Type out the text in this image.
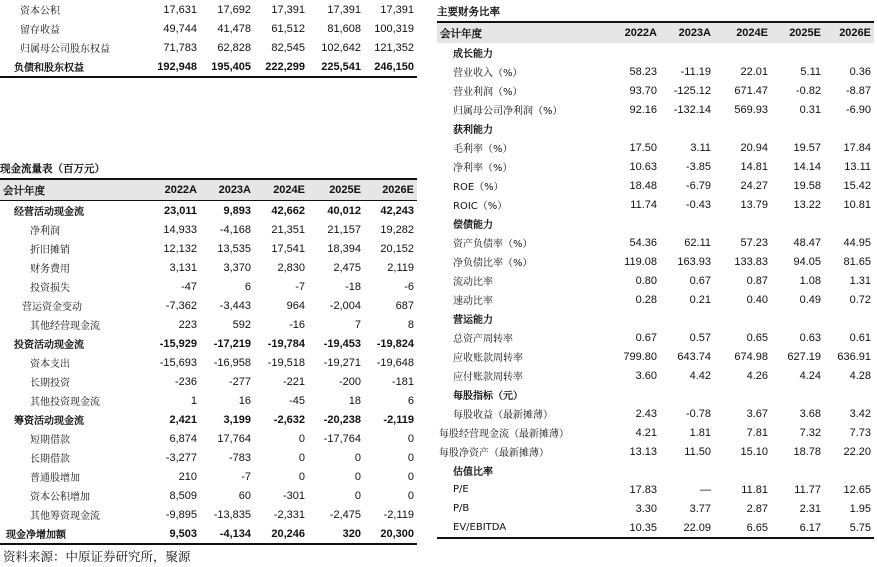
资本公积	17,631	17,692	17,391	17,391	17,391
留存收益	49,744	41,478	61,512	81,608	100,319
归属母公司股东权益	71,783	62,828	82,545	102,642	121,352
负债和股东权益	192,948	195,405	222,299	225,541	246,150
现金流量表（百万元）
会计年度	2022A	2023A	2024E	2025E	2026E
经营活动现金流	23,011	9,893	42,662	40,012	42,243
净利润	14,933	-4,168	21,351	21,157	19,282
折旧摊销	12,132	13,535	17,541	18,394	20,152
财务费用	3,131	3,370	2,830	2,475	2,119
投资损失	-47	6	-7	-18	-6
营运资金变动	-7,362	-3,443	964	-2,004	687
其他经营现金流	223	592	-16	7	8
投资活动现金流	-15,929	-17,219	-19,784	-19,453	-19,824
资本支出	-15,693	-16,958	-19,518	-19,271	-19,648
长期投资	-236	-277	-221	-200	-181
其他投资现金流	1	16	-45	18	6
筹资活动现金流	2,421	3,199	-2,632	-20,238	-2,119
短期借款	6,874	17,764	0	-17,764	0
长期借款	-3,277	-783	0	0	0
普通股增加	210	-7	0	0	0
资本公积增加	8,509	60	-301	0	0
其他筹资现金流	-9,895	-13,835	-2,331	-2,475	-2,119
现金净增加额	9,503	-4,134	20,246	320	20,300
主要财务比率
会计年度	2022A	2023A	2024E	2025E	2026E
成长能力					
营业收入（%）	58.23	-11.19	22.01	5.11	0.36
营业利润（%）	93.70	-125.12	671.47	-0.82	-8.87
归属母公司净利润（%）	92.16	-132.14	569.93	0.31	-6.90
获利能力					
毛利率（%）	17.50	3.11	20.94	19.57	17.84
净利率（%）	10.63	-3.85	14.81	14.14	13.11
ROE（%）	18.48	-6.79	24.27	19.58	15.42
ROIC（%）	11.74	-0.43	13.79	13.22	10.81
偿债能力					
资产负债率（%）	54.36	62.11	57.23	48.47	44.95
净负债比率（%）	119.08	163.93	133.83	94.05	81.65
流动比率	0.80	0.67	0.87	1.08	1.31
速动比率	0.28	0.21	0.40	0.49	0.72
营运能力					
总资产周转率	0.67	0.57	0.65	0.63	0.61
应收账款周转率	799.80	643.74	674.98	627.19	636.91
应付账款周转率	3.60	4.42	4.26	4.24	4.28
每股指标（元）					
每股收益（最新摊薄）	2.43	-0.78	3.67	3.68	3.42
每股经营现金流（最新摊薄）	4.21	1.81	7.81	7.32	7.73
每股净资产（最新摊薄）	13.13	11.50	15.10	18.78	22.20
估值比率					
P/E	17.83	—	11.81	11.77	12.65
P/B	3.30	3.77	2.87	2.31	1.95
EV/EBITDA	10.35	22.09	6.65	6.17	5.75
资料来源：中原证券研究所，聚源
